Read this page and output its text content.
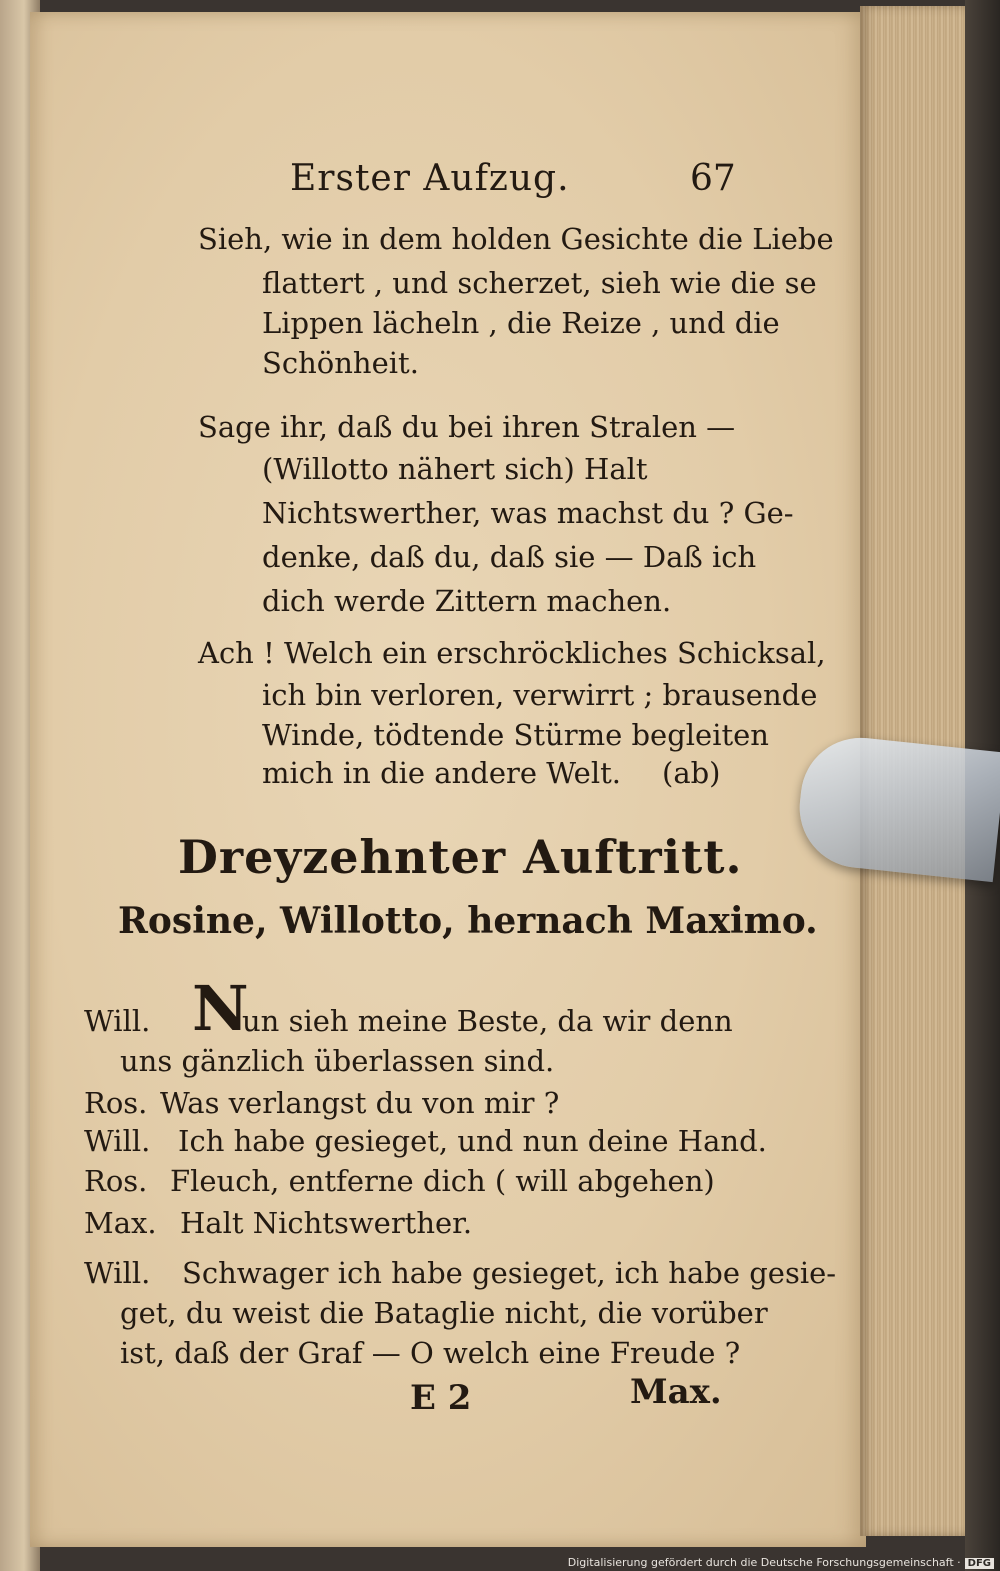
Erster Aufzug.	67
Sieh, wie in dem holden Gesichte die Liebe
flattert , und scherzet, sieh wie die se
Lippen lächeln , die Reize , und die
Schönheit.
Sage ihr, daß du bei ihren Stralen —
(Willotto nähert sich) Halt
Nichtswerther, was machst du ? Ge-
denke, daß du, daß sie — Daß ich
dich werde Zittern machen.
Ach ! Welch ein erschröckliches Schicksal,
ich bin verloren, verwirrt ; brausende
Winde, tödtende Stürme begleiten
mich in die andere Welt. (ab)
Dreyzehnter Auftritt.
Rosine, Willotto, hernach Maximo.
Will. N
un sieh meine Beste, da wir denn
uns gänzlich überlassen sind.
Ros. Was verlangst du von mir ?
Will. Ich habe gesieget, und nun deine Hand.
Ros. Fleuch, entferne dich ( will abgehen)
Max. Halt Nichtswerther.
Will. Schwager ich habe gesieget, ich habe gesie-
get, du weist die Bataglie nicht, die vorüber
ist, daß der Graf — O welch eine Freude ?
E 2	Max.
Digitalisierung gefördert durch die Deutsche Forschungsgemeinschaft · DFG
